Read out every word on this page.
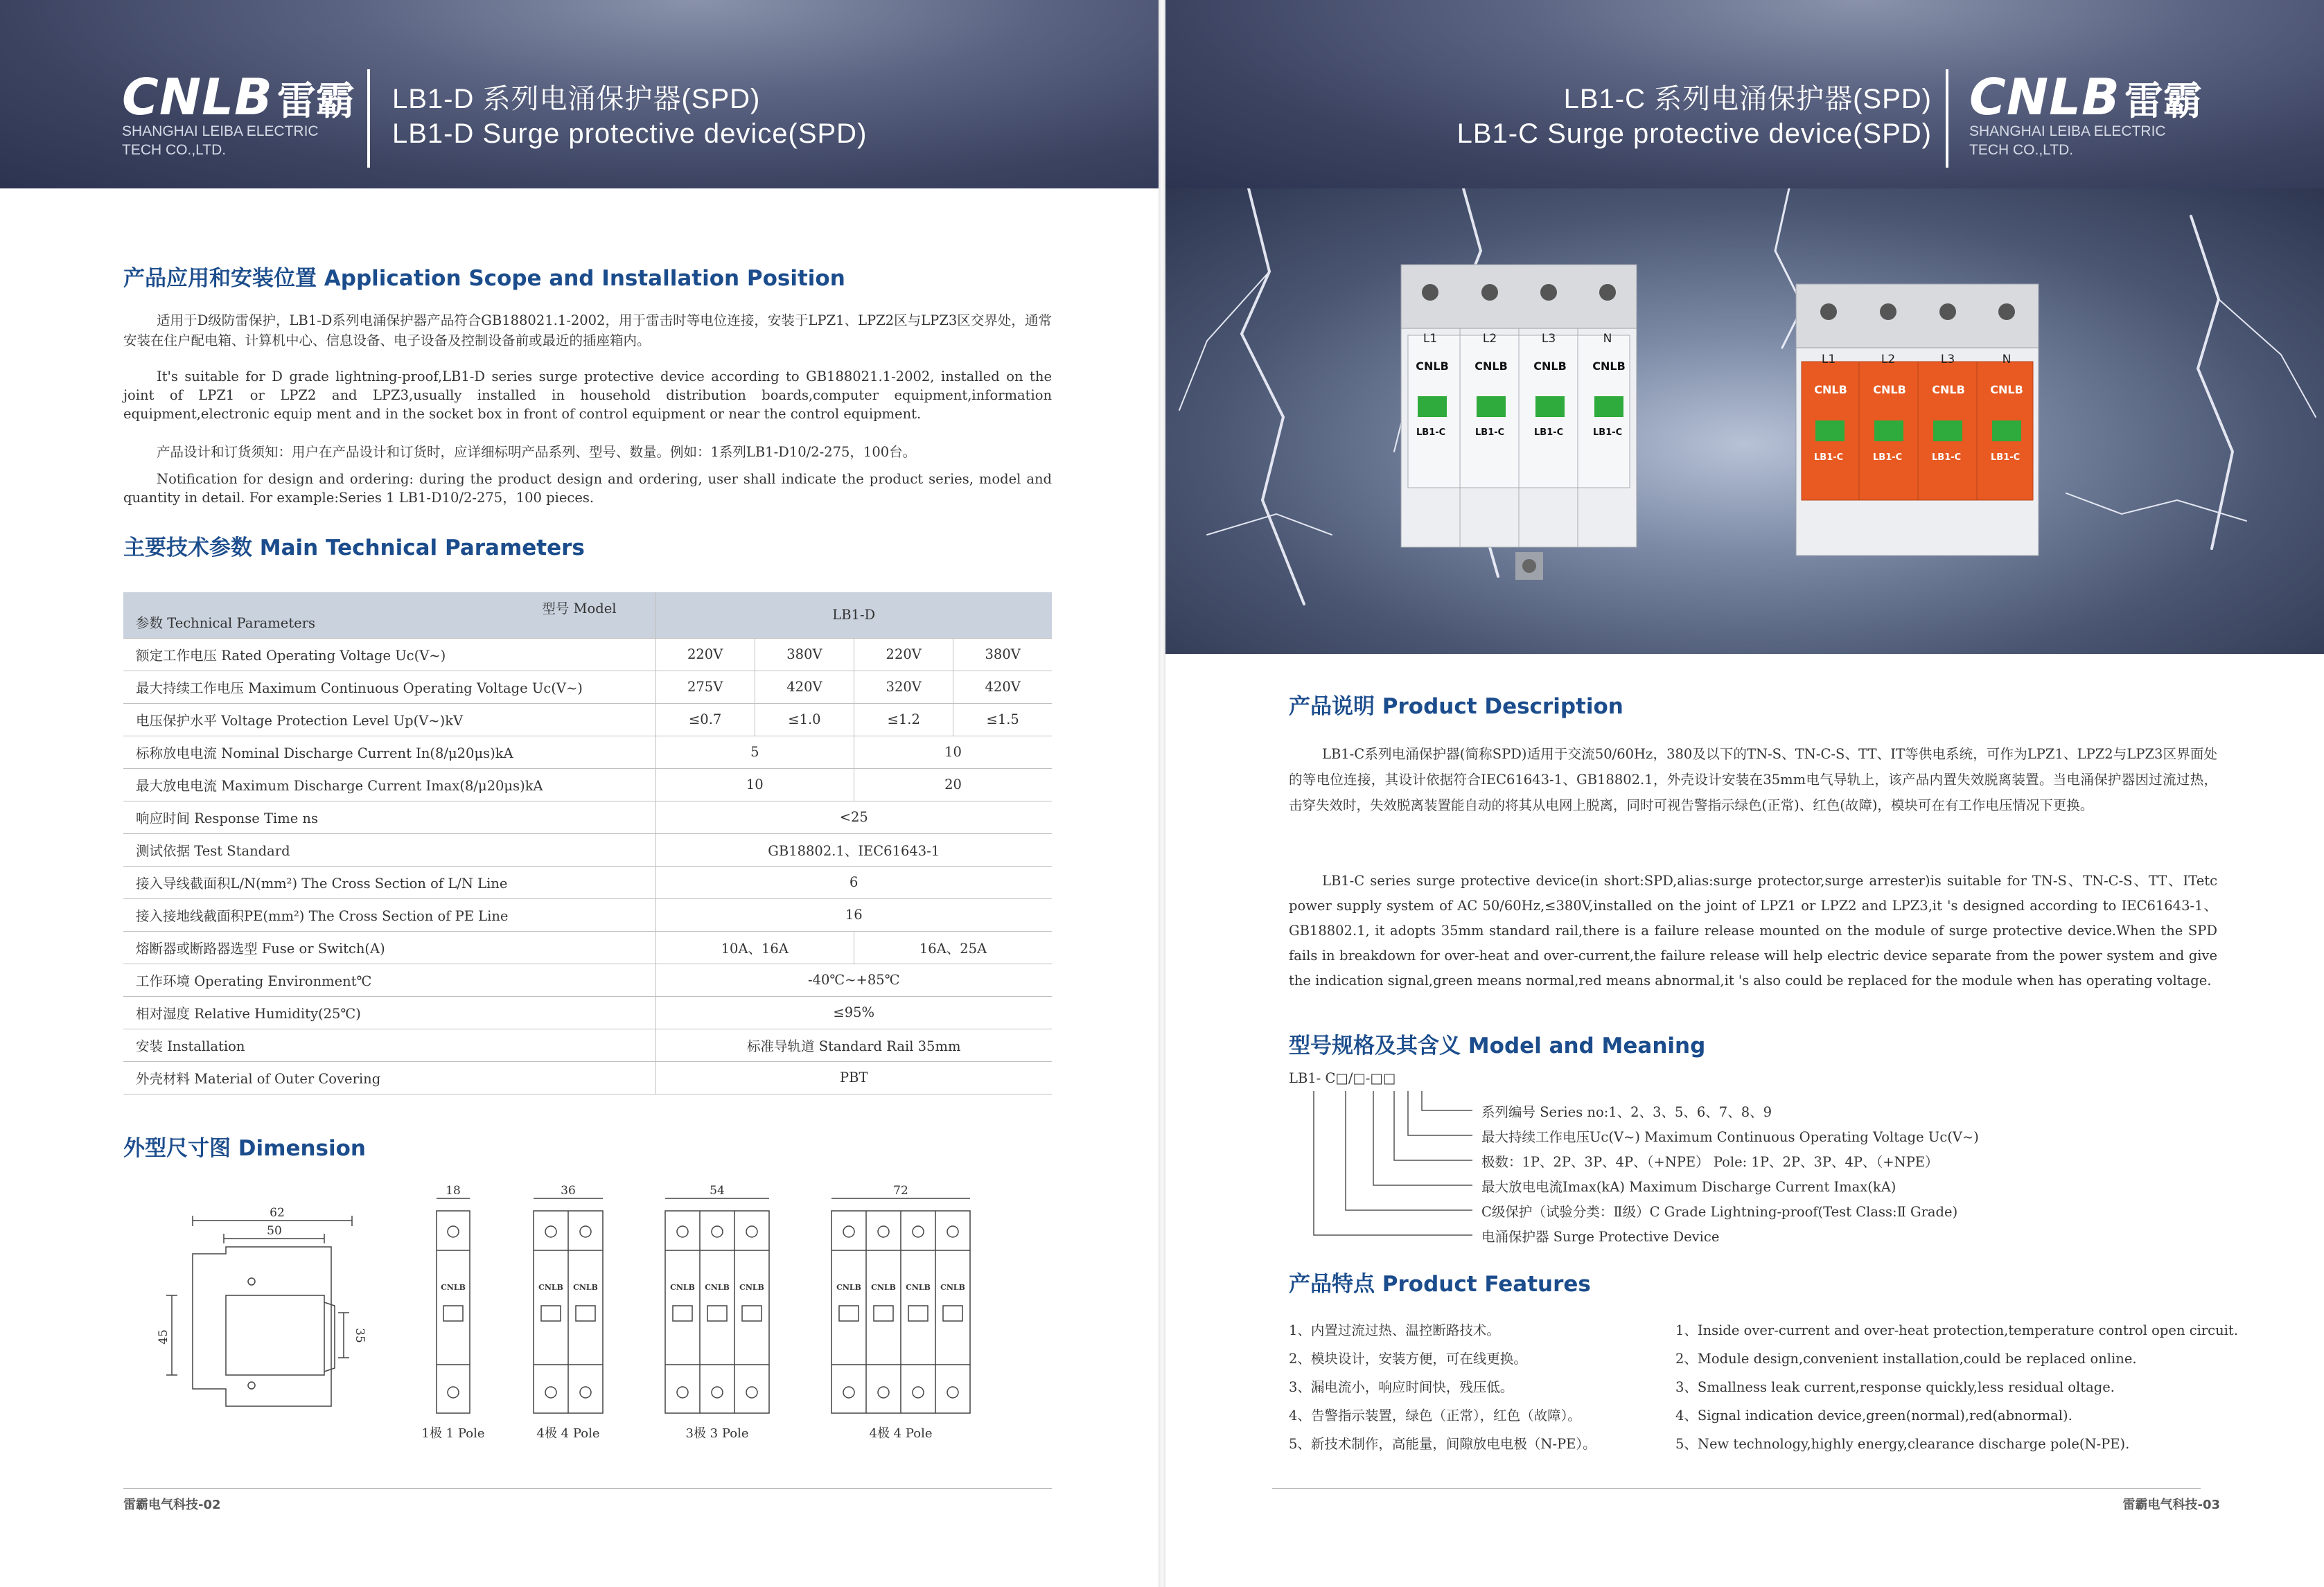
CNLB 雷霸
SHANGHAI LEIBA ELECTRIC
TECH CO.,LTD.
LB1-D 系列电涌保护器(SPD)
LB1-D Surge protective device(SPD)
产品应用和安装位置 Application Scope and Installation Position
适用于D级防雷保护，LB1-D系列电涌保护器产品符合GB188021.1-2002，用于雷击时等电位连接，安装于LPZ1、LPZ2区与LPZ3区交界处，通常安装在住户配电箱、计算机中心、信息设备、电子设备及控制设备前或最近的插座箱内。
It's suitable for D grade lightning-proof,LB1-D series surge protective device according to GB188021.1-2002, installed on the joint of LPZ1 or LPZ2 and LPZ3,usually installed in household distribution boards,computer equipment,information equipment,electronic equip ment and in the socket box in front of control equipment or near the control equipment.
产品设计和订货须知：用户在产品设计和订货时，应详细标明产品系列、型号、数量。例如：1系列LB1-D10/2-275，100台。
Notification for design and ordering: during the product design and ordering, user shall indicate the product series, model and quantity in detail. For example:Series 1 LB1-D10/2-275，100 pieces.
主要技术参数 Main Technical Parameters
型号 Model
参数 Technical Parameters	LB1-D			
额定工作电压 Rated Operating Voltage Uc(V~)	220V	380V	220V	380V
最大持续工作电压 Maximum Continuous Operating Voltage Uc(V~)	275V	420V	320V	420V
电压保护水平 Voltage Protection Level Up(V~)kV	≤0.7	≤1.0	≤1.2	≤1.5
标称放电电流 Nominal Discharge Current In(8/μ20μs)kA	5		10	
最大放电电流 Maximum Discharge Current Imax(8/μ20μs)kA	10		20	
响应时间 Response Time ns	<25			
测试依据 Test Standard	GB18802.1、IEC61643-1			
接入导线截面积L/N(mm²) The Cross Section of L/N Line	6			
接入接地线截面积PE(mm²) The Cross Section of PE Line	16			
熔断器或断路器选型 Fuse or Switch(A)	10A、16A		16A、25A	
工作环境 Operating Environment℃	-40℃~+85℃			
相对湿度 Relative Humidity(25℃)	≤95%			
安装 Installation	标准导轨道 Standard Rail 35mm			
外壳材料 Material of Outer Covering	PBT			
外型尺寸图 Dimension
62
50
45	35
18	36	54	72
1极 1 Pole	4极 4 Pole	3极 3 Pole	4极 4 Pole
CNLB	CNLB CNLB	CNLB CNLB CNLB	CNLB CNLB CNLB CNLB
雷霸电气科技-02
LB1-C 系列电涌保护器(SPD)
LB1-C Surge protective device(SPD)
CNLB 雷霸
SHANGHAI LEIBA ELECTRIC
TECH CO.,LTD.
L1	L2	L3	N
CNLB CNLB CNLB CNLB
LB1-C	LB1-C	LB1-C	LB1-C
L1	L2	L3	N
CNLB CNLB CNLB CNLB
LB1-C	LB1-C	LB1-C	LB1-C
产品说明 Product Description
LB1-C系列电涌保护器(简称SPD)适用于交流50/60Hz，380及以下的TN-S、TN-C-S、TT、IT等供电系统，可作为LPZ1、LPZ2与LPZ3区界面处的等电位连接，其设计依据符合IEC61643-1、GB18802.1，外壳设计安装在35mm电气导轨上，该产品内置失效脱离装置。当电涌保护器因过流过热，击穿失效时，失效脱离装置能自动的将其从电网上脱离，同时可视告警指示绿色(正常)、红色(故障)，模块可在有工作电压情况下更换。
LB1-C series surge protective device(in short:SPD,alias:surge protector,surge arrester)is suitable for TN-S、TN-C-S、TT、ITetc power supply system of AC 50/60Hz,≤380V,installed on the joint of LPZ1 or LPZ2 and LPZ3,it 's designed according to IEC61643-1、GB18802.1, it adopts 35mm standard rail,there is a failure release mounted on the module of surge protective device.When the SPD fails in breakdown for over-heat and over-current,the failure release will help electric device separate from the power system and give the indication signal,green means normal,red means abnormal,it 's also could be replaced for the module when has operating voltage.
型号规格及其含义 Model and Meaning
LB1- C□/□-□□
系列编号 Series no:1、2、3、5、6、7、8、9
最大持续工作电压Uc(V~) Maximum Continuous Operating Voltage Uc(V~)
极数：1P、2P、3P、4P、（+NPE） Pole: 1P、2P、3P、4P、（+NPE）
最大放电电流Imax(kA) Maximum Discharge Current Imax(kA)
C级保护（试验分类：Ⅱ级）C Grade Lightning-proof(Test Class:Ⅱ Grade)
电涌保护器 Surge Protective Device
产品特点 Product Features
1、内置过流过热、温控断路技术。
2、模块设计，安装方便，可在线更换。
3、漏电流小，响应时间快，残压低。
4、告警指示装置，绿色（正常），红色（故障）。
5、新技术制作，高能量，间隙放电电极（N-PE）。
1、Inside over-current and over-heat protection,temperature control open circuit.
2、Module design,convenient installation,could be replaced online.
3、Smallness leak current,response quickly,less residual oltage.
4、Signal indication device,green(normal),red(abnormal).
5、New technology,highly energy,clearance discharge pole(N-PE).
雷霸电气科技-03
